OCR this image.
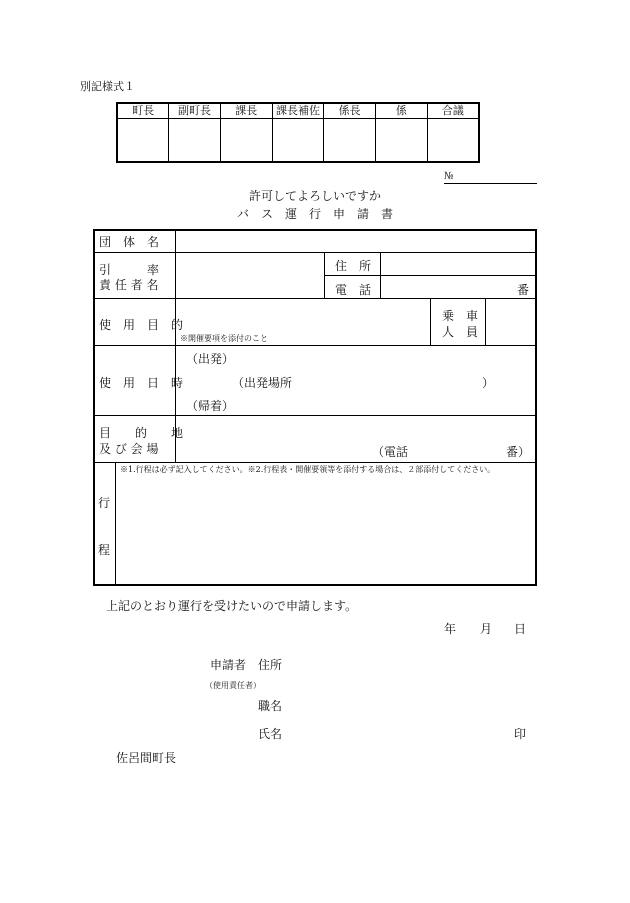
別記様式１
町長	副町長	課長	課長補佐	係長	係	合議

№
許可してよろしいですか
バ　ス　運　行　申　請　書
団　体　名
引　　　率
責 任 者 名
住　所
電　話	番
使　用　目　的
※開催要項を添付のこと
乗　車
人　員
使　用　日　時
（出発）
（出発場所	）
（帰着）
目　　的　　地
及 び 会 場	（電話	番）
※1.行程は必ず記入してください。※2.行程表・開催要領等を添付する場合は、２部添付してください。
行
程
上記のとおり運行を受けたいので申請します。
年 月 日
申請者 住所
（使用責任者）
職名
氏名	印
佐呂間町長
